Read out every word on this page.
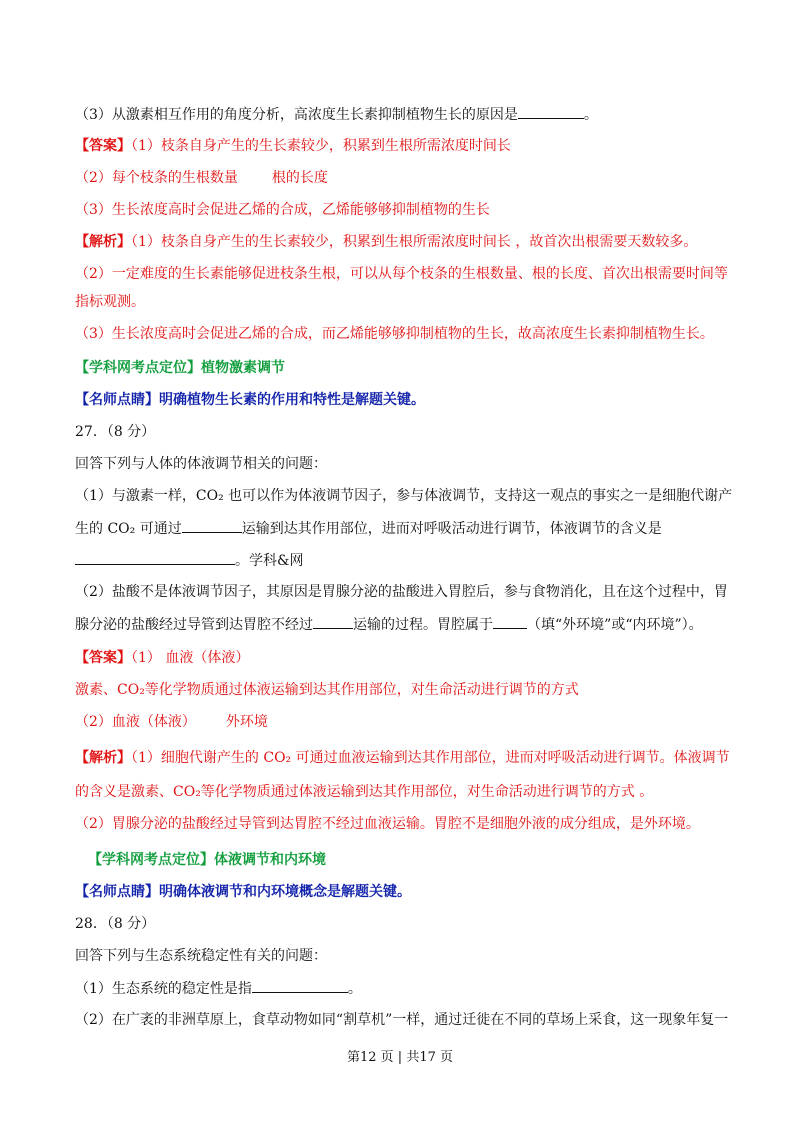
（3）从激素相互作用的角度分析，高浓度生长素抑制植物生长的原因是	。
【答案】（1）枝条自身产生的生长素较少，积累到生根所需浓度时间长
（2）每个枝条的生根数量 根的长度
（3）生长浓度高时会促进乙烯的合成，乙烯能够够抑制植物的生长
【解析】（1）枝条自身产生的生长素较少，积累到生根所需浓度时间长 ，故首次出根需要天数较多。
（2）一定难度的生长素能够促进枝条生根，可以从每个枝条的生根数量、根的长度、首次出根需要时间等
指标观测。
（3）生长浓度高时会促进乙烯的合成，而乙烯能够够抑制植物的生长，故高浓度生长素抑制植物生长。
【学科网考点定位】植物激素调节
【名师点睛】明确植物生长素的作用和特性是解题关键。
27．（8 分）
回答下列与人体的体液调节相关的问题：
（1）与激素一样，CO₂ 也可以作为体液调节因子，参与体液调节，支持这一观点的事实之一是细胞代谢产
生的 CO₂ 可通过	运输到达其作用部位，进而对呼吸活动进行调节，体液调节的含义是
。学科&网
（2）盐酸不是体液调节因子，其原因是胃腺分泌的盐酸进入胃腔后，参与食物消化，且在这个过程中，胃
腺分泌的盐酸经过导管到达胃腔不经过	运输的过程。胃腔属于 （填“外环境”或“内环境”）。
【答案】（1） 血液（体液）
激素、CO₂等化学物质通过体液运输到达其作用部位，对生命活动进行调节的方式
（2）血液（体液） 外环境
【解析】（1）细胞代谢产生的 CO₂ 可通过血液运输到达其作用部位，进而对呼吸活动进行调节。体液调节
的含义是激素、CO₂等化学物质通过体液运输到达其作用部位，对生命活动进行调节的方式 。
（2）胃腺分泌的盐酸经过导管到达胃腔不经过血液运输。胃腔不是细胞外液的成分组成，是外环境。
【学科网考点定位】体液调节和内环境
【名师点睛】明确体液调节和内环境概念是解题关键。
28．（8 分）
回答下列与生态系统稳定性有关的问题：
（1）生态系统的稳定性是指	。
（2）在广袤的非洲草原上，食草动物如同“割草机”一样，通过迁徙在不同的草场上采食，这一现象年复一
第12 页 | 共17 页
